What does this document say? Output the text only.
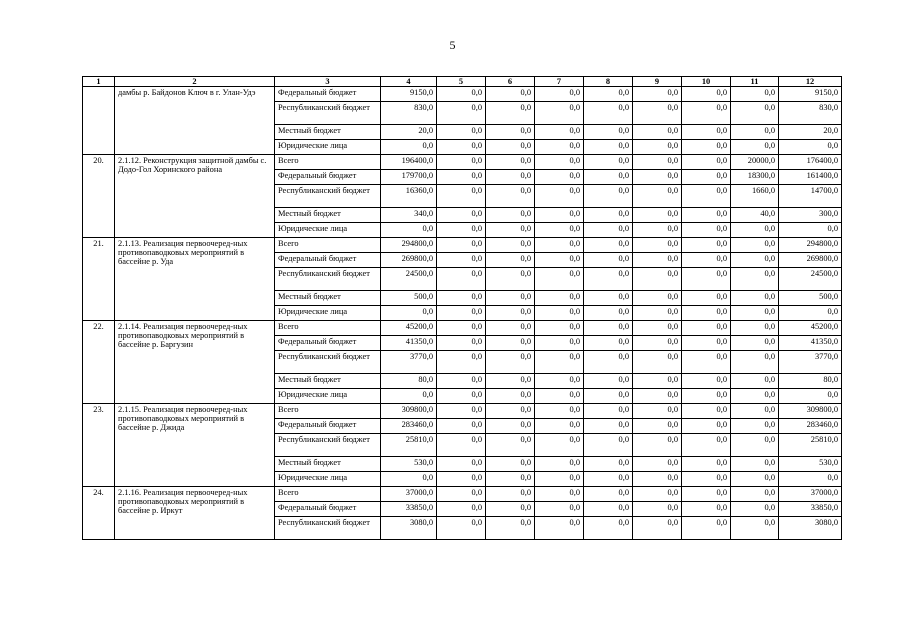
5
1	2	3	4	5	6	7	8	9	10	11	12
	дамбы р. Байдонов Ключ в г. Улан-Удэ	Федеральный бюджет	9150,0	0,0	0,0	0,0	0,0	0,0	0,0	0,0	9150,0
		Республиканский бюджет	830,0	0,0	0,0	0,0	0,0	0,0	0,0	0,0	830,0
		Местный бюджет	20,0	0,0	0,0	0,0	0,0	0,0	0,0	0,0	20,0
		Юридические лица	0,0	0,0	0,0	0,0	0,0	0,0	0,0	0,0	0,0
20.	2.1.12. Реконструкция защитной дамбы с. Додо-Гол Хоринского района	Всего	196400,0	0,0	0,0	0,0	0,0	0,0	0,0	20000,0	176400,0
		Федеральный бюджет	179700,0	0,0	0,0	0,0	0,0	0,0	0,0	18300,0	161400,0
		Республиканский бюджет	16360,0	0,0	0,0	0,0	0,0	0,0	0,0	1660,0	14700,0
		Местный бюджет	340,0	0,0	0,0	0,0	0,0	0,0	0,0	40,0	300,0
		Юридические лица	0,0	0,0	0,0	0,0	0,0	0,0	0,0	0,0	0,0
21.	2.1.13. Реализация первоочеред-ных противопаводковых мероприятий в бассейне р. Уда	Всего	294800,0	0,0	0,0	0,0	0,0	0,0	0,0	0,0	294800,0
		Федеральный бюджет	269800,0	0,0	0,0	0,0	0,0	0,0	0,0	0,0	269800,0
		Республиканский бюджет	24500,0	0,0	0,0	0,0	0,0	0,0	0,0	0,0	24500,0
		Местный бюджет	500,0	0,0	0,0	0,0	0,0	0,0	0,0	0,0	500,0
		Юридические лица	0,0	0,0	0,0	0,0	0,0	0,0	0,0	0,0	0,0
22.	2.1.14. Реализация первоочеред-ных противопаводковых мероприятий в бассейне р. Баргузин	Всего	45200,0	0,0	0,0	0,0	0,0	0,0	0,0	0,0	45200,0
		Федеральный бюджет	41350,0	0,0	0,0	0,0	0,0	0,0	0,0	0,0	41350,0
		Республиканский бюджет	3770,0	0,0	0,0	0,0	0,0	0,0	0,0	0,0	3770,0
		Местный бюджет	80,0	0,0	0,0	0,0	0,0	0,0	0,0	0,0	80,0
		Юридические лица	0,0	0,0	0,0	0,0	0,0	0,0	0,0	0,0	0,0
23.	2.1.15. Реализация первоочеред-ных противопаводковых мероприятий в бассейне р. Джида	Всего	309800,0	0,0	0,0	0,0	0,0	0,0	0,0	0,0	309800,0
		Федеральный бюджет	283460,0	0,0	0,0	0,0	0,0	0,0	0,0	0,0	283460,0
		Республиканский бюджет	25810,0	0,0	0,0	0,0	0,0	0,0	0,0	0,0	25810,0
		Местный бюджет	530,0	0,0	0,0	0,0	0,0	0,0	0,0	0,0	530,0
		Юридические лица	0,0	0,0	0,0	0,0	0,0	0,0	0,0	0,0	0,0
24.	2.1.16. Реализация первоочеред-ных противопаводковых мероприятий в бассейне р. Иркут	Всего	37000,0	0,0	0,0	0,0	0,0	0,0	0,0	0,0	37000,0
		Федеральный бюджет	33850,0	0,0	0,0	0,0	0,0	0,0	0,0	0,0	33850,0
		Республиканский бюджет	3080,0	0,0	0,0	0,0	0,0	0,0	0,0	0,0	3080,0
